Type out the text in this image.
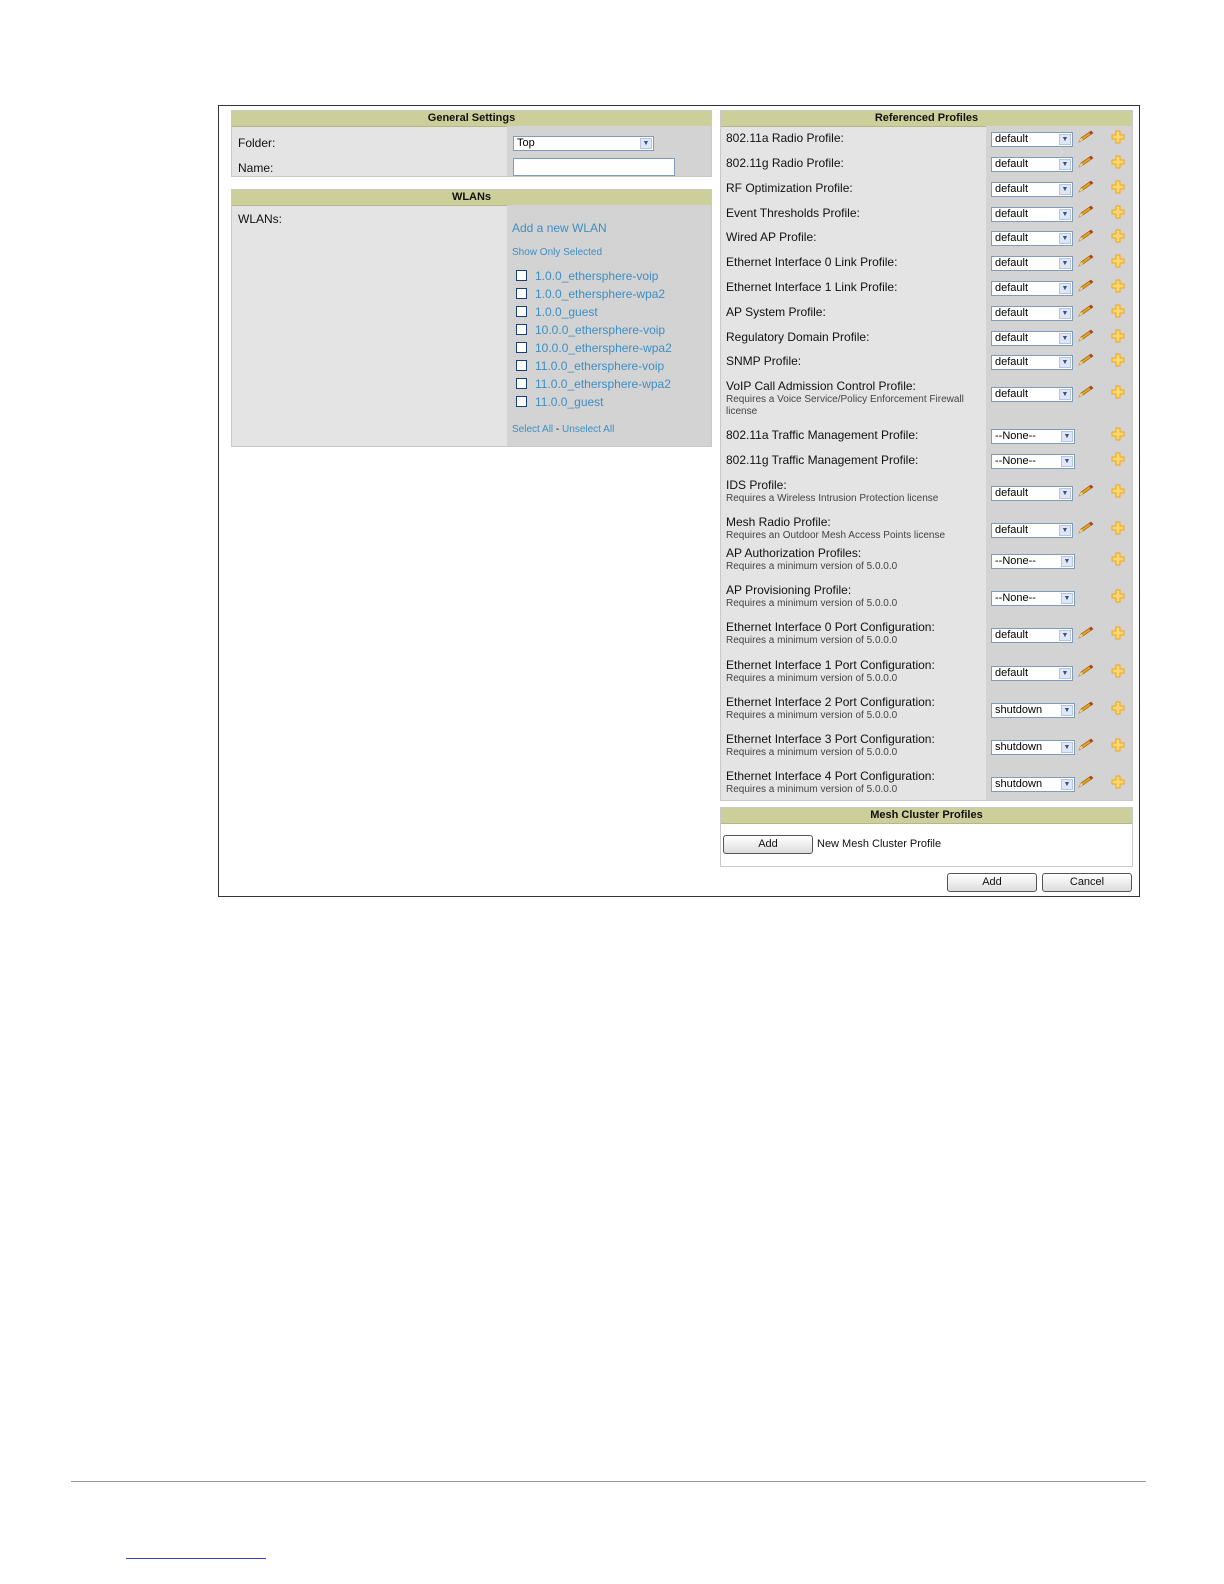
General Settings
Folder:	Top	▼
Name:
WLANs
WLANs:
Add a new WLAN
Show Only Selected
1.0.0_ethersphere-voip
1.0.0_ethersphere-wpa2
1.0.0_guest
10.0.0_ethersphere-voip
10.0.0_ethersphere-wpa2
11.0.0_ethersphere-voip
11.0.0_ethersphere-wpa2
11.0.0_guest
Select All - Unselect All
Referenced Profiles
802.11a Radio Profile:	default	▼
802.11g Radio Profile:	default	▼
RF Optimization Profile:	default	▼
Event Thresholds Profile:	default	▼
Wired AP Profile:	default	▼
Ethernet Interface 0 Link Profile:	default	▼
Ethernet Interface 1 Link Profile:	default	▼
AP System Profile:	default	▼
Regulatory Domain Profile:	default	▼
SNMP Profile:	default	▼
VoIP Call Admission Control Profile:
Requires a Voice Service/Policy Enforcement Firewall license
default	▼
802.11a Traffic Management Profile:	--None--	▼
802.11g Traffic Management Profile:	--None--	▼
IDS Profile:
Requires a Wireless Intrusion Protection license	default	▼
Mesh Radio Profile:
Requires an Outdoor Mesh Access Points license	default	▼
AP Authorization Profiles:
Requires a minimum version of 5.0.0.0	--None--	▼
AP Provisioning Profile:
Requires a minimum version of 5.0.0.0	--None--	▼
Ethernet Interface 0 Port Configuration:
Requires a minimum version of 5.0.0.0	default	▼
Ethernet Interface 1 Port Configuration:
Requires a minimum version of 5.0.0.0	default	▼
Ethernet Interface 2 Port Configuration:
Requires a minimum version of 5.0.0.0	shutdown	▼
Ethernet Interface 3 Port Configuration:
Requires a minimum version of 5.0.0.0	shutdown	▼
Ethernet Interface 4 Port Configuration:
Requires a minimum version of 5.0.0.0	shutdown	▼
Mesh Cluster Profiles
Add	New Mesh Cluster Profile
Add	Cancel
